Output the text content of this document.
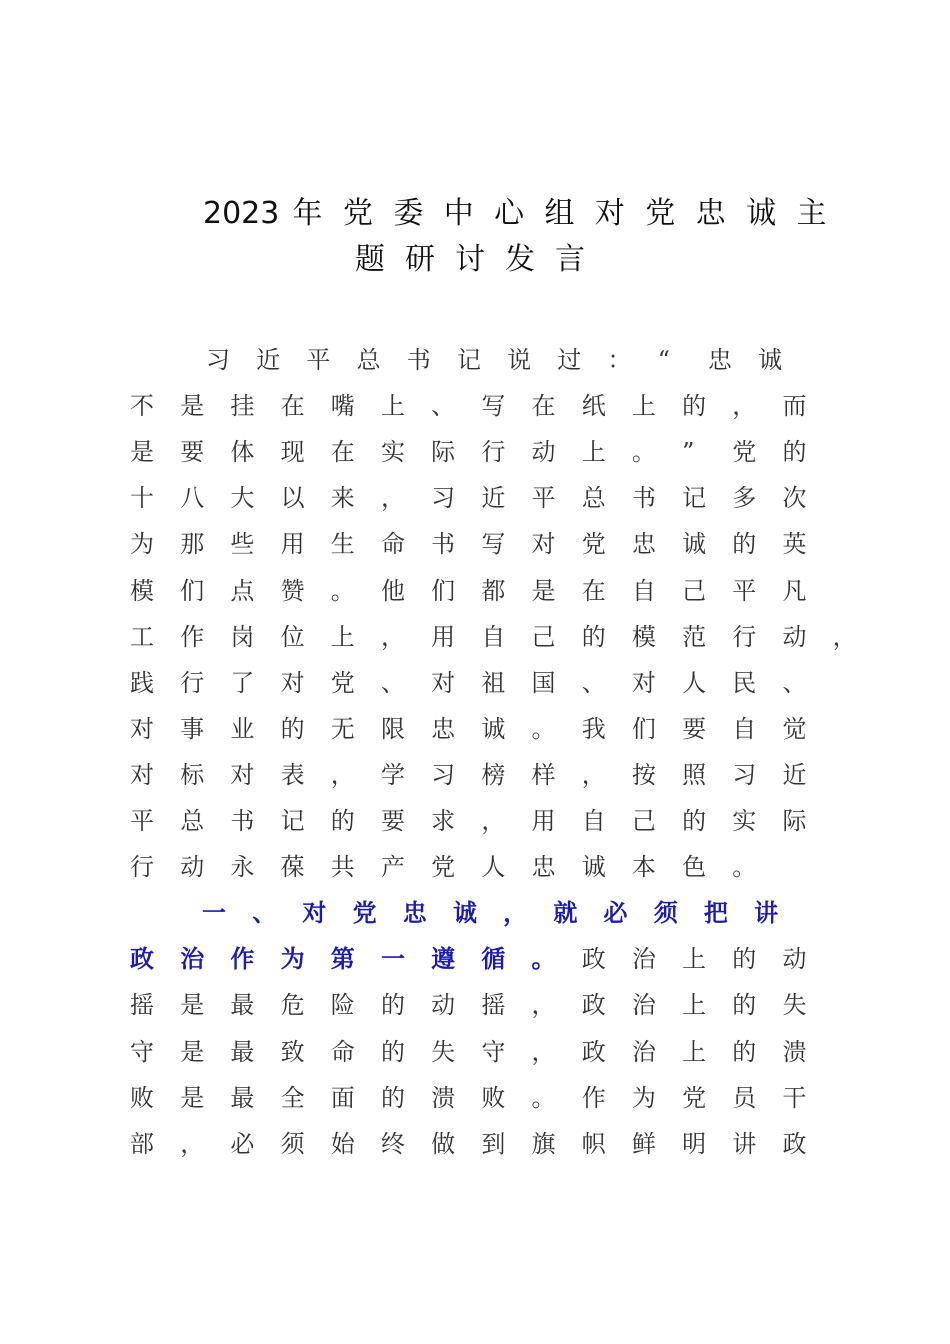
2023 年 党 委 中 心 组 对 党 忠 诚 主
题 研 讨 发 言
习 近 平 总 书 记 说 过 ： “ 忠 诚
不 是 挂 在 嘴 上 、 写 在 纸 上 的 ， 而
是 要 体 现 在 实 际 行 动 上 。 ” 党 的
十 八 大 以 来 ， 习 近 平 总 书 记 多 次
为 那 些 用 生 命 书 写 对 党 忠 诚 的 英
模 们 点 赞 。 他 们 都 是 在 自 己 平 凡
工 作 岗 位 上 ， 用 自 己 的 模 范 行 动 ，
践 行 了 对 党 、 对 祖 国 、 对 人 民 、
对 事 业 的 无 限 忠 诚 。 我 们 要 自 觉
对 标 对 表 ， 学 习 榜 样 ， 按 照 习 近
平 总 书 记 的 要 求 ， 用 自 己 的 实 际
行 动 永 葆 共 产 党 人 忠 诚 本 色 。
一 、 对 党 忠 诚 ， 就 必 须 把 讲
政 治 作 为 第 一 遵 循 。 政 治 上 的 动
摇 是 最 危 险 的 动 摇 ， 政 治 上 的 失
守 是 最 致 命 的 失 守 ， 政 治 上 的 溃
败 是 最 全 面 的 溃 败 。 作 为 党 员 干
部 ， 必 须 始 终 做 到 旗 帜 鲜 明 讲 政
